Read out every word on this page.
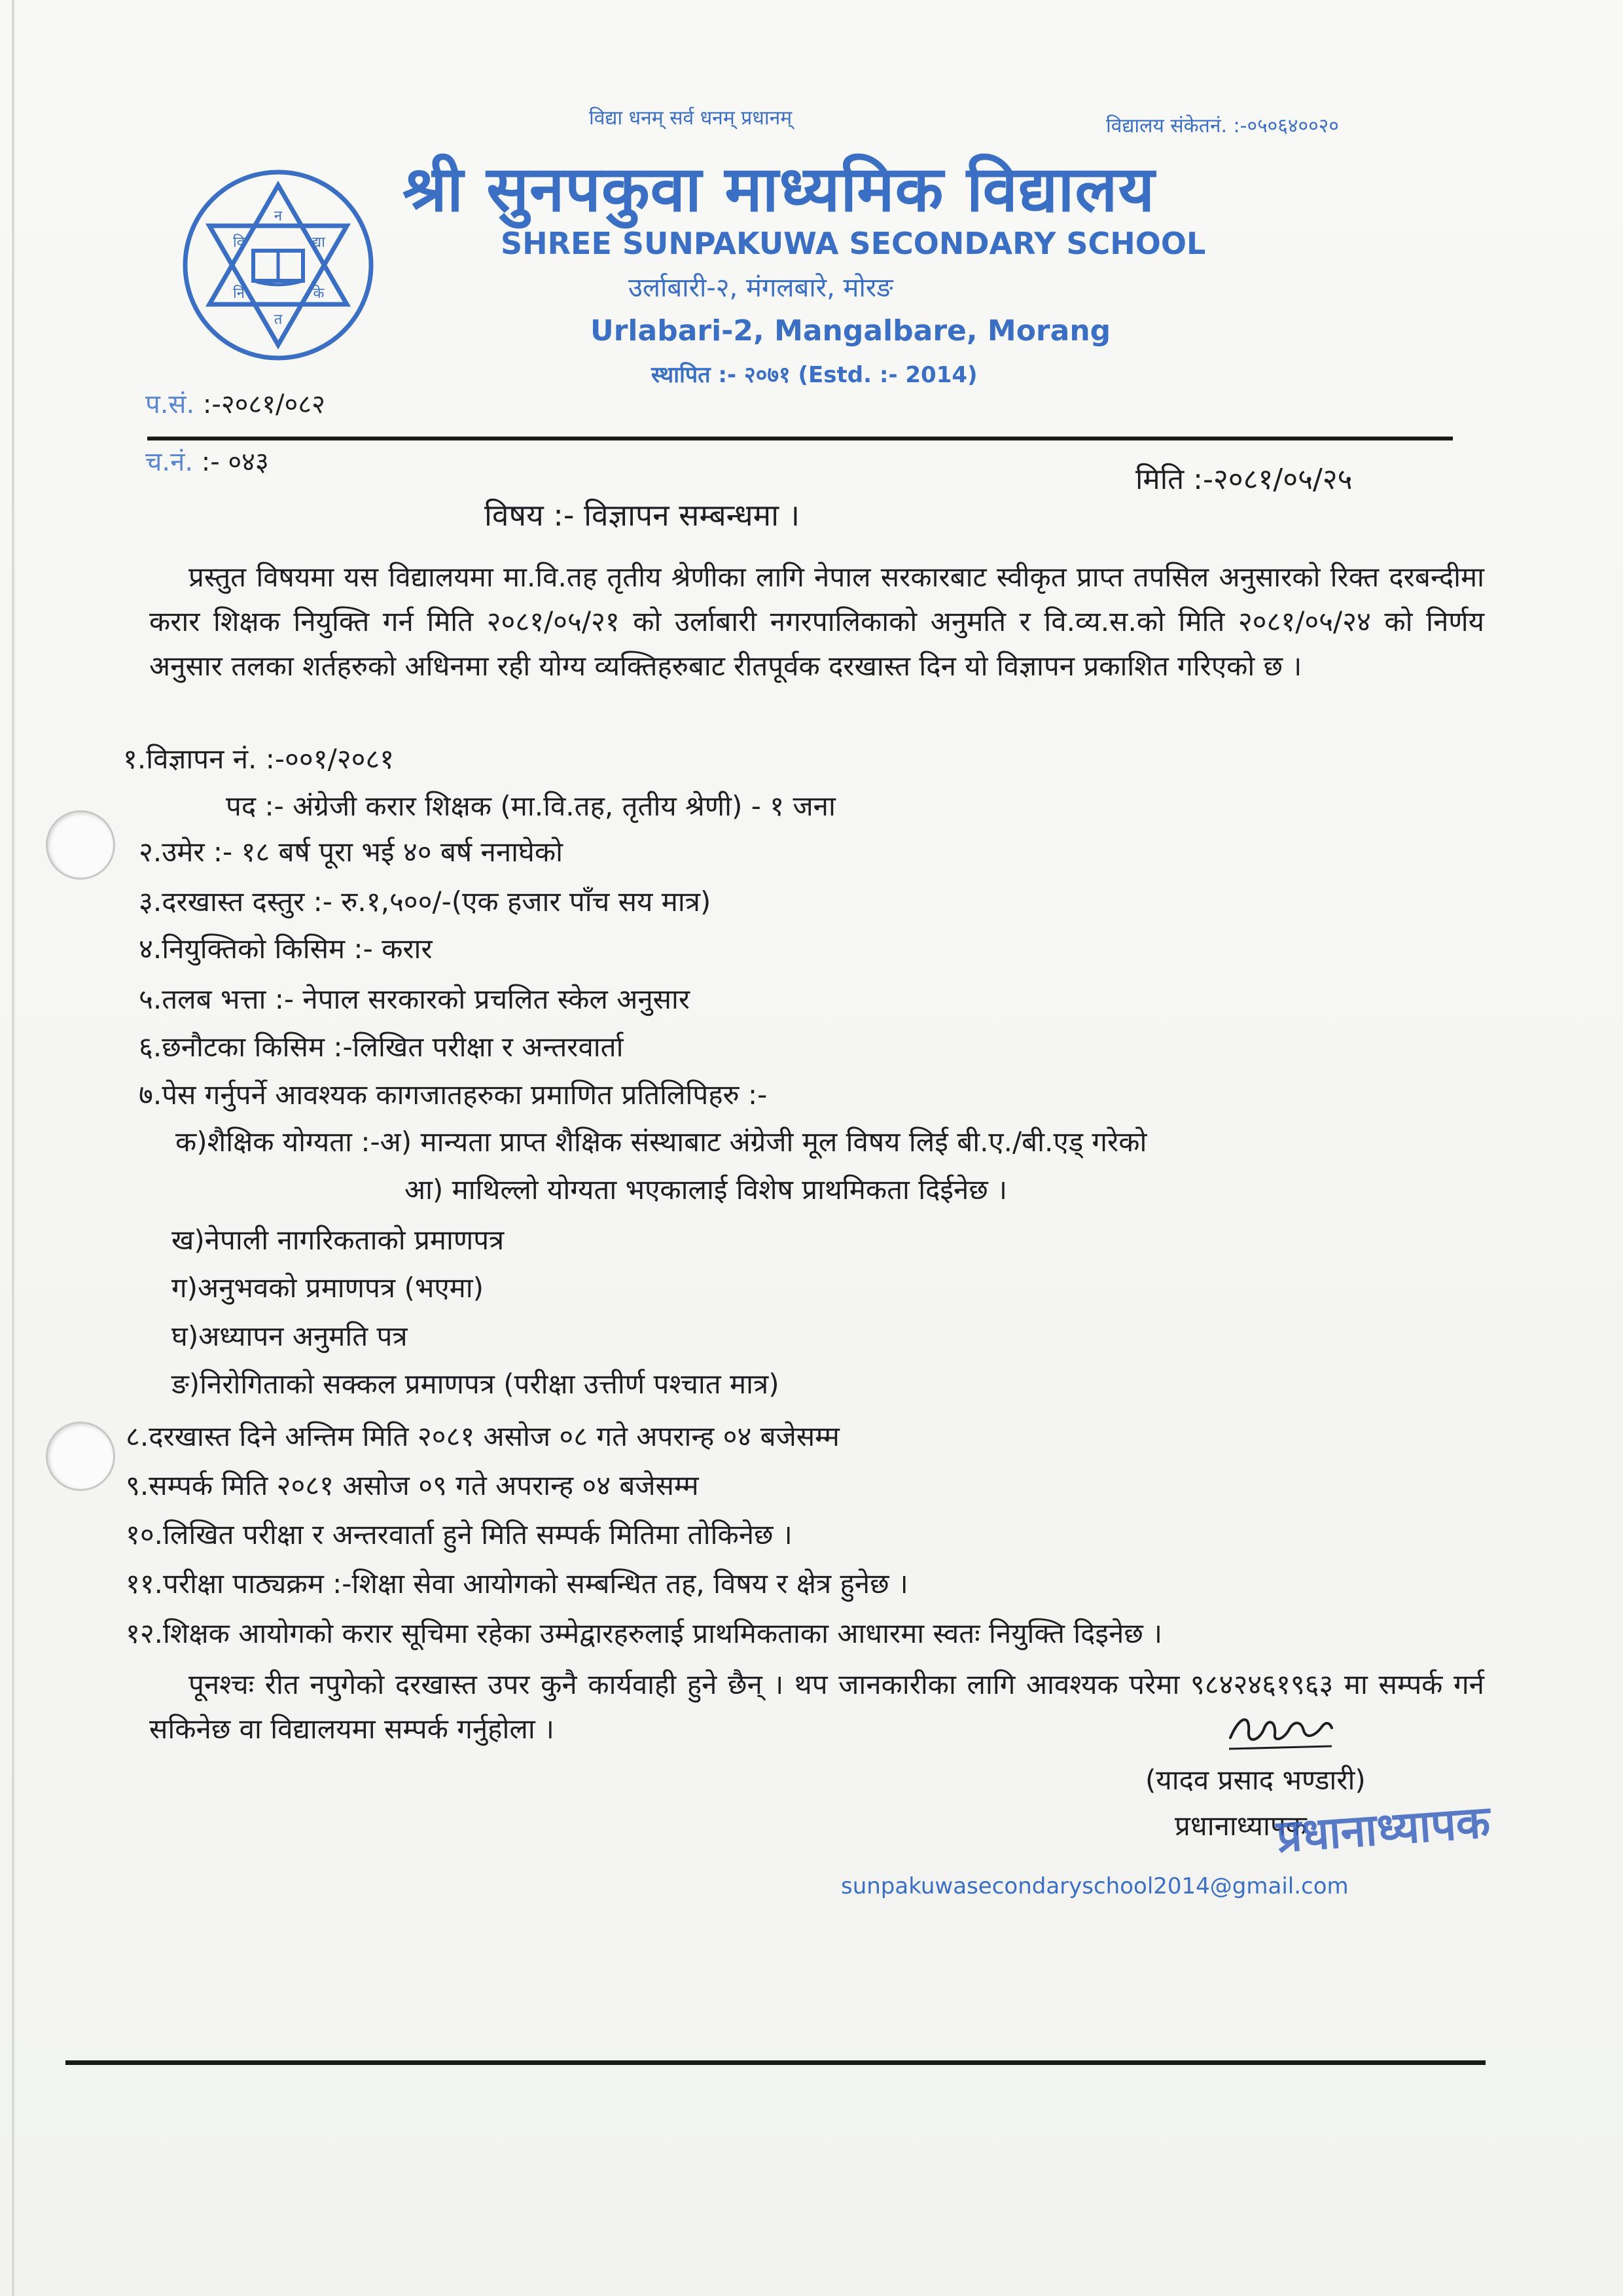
विद्या धनम् सर्व धनम् प्रधानम्	विद्यालय संकेतनं. :-०५०६४००२०
श्री सुनपकुवा माध्यमिक विद्यालय
SHREE SUNPAKUWA SECONDARY SCHOOL
उर्लाबारी-२, मंगलबारे, मोरङ
Urlabari-2, Mangalbare, Morang
स्थापित :- २०७१ (Estd. :- 2014)
न
वि	द्या
नि	के
त
प.सं. :-२०८१/०८२
च.नं. :- ०४३
मिति :-२०८१/०५/२५
विषय :- विज्ञापन सम्बन्धमा ।
प्रस्तुत विषयमा यस विद्यालयमा मा.वि.तह तृतीय श्रेणीका लागि नेपाल सरकारबाट स्वीकृत प्राप्त तपसिल अनुसारको रिक्त दरबन्दीमा करार शिक्षक नियुक्ति गर्न मिति २०८१/०५/२१ को उर्लाबारी नगरपालिकाको अनुमति र वि.व्य.स.को मिति २०८१/०५/२४ को निर्णय अनुसार तलका शर्तहरुको अधिनमा रही योग्य व्यक्तिहरुबाट रीतपूर्वक दरखास्त दिन यो विज्ञापन प्रकाशित गरिएको छ ।
१.विज्ञापन नं. :-००१/२०८१
पद :- अंग्रेजी करार शिक्षक (मा.वि.तह, तृतीय श्रेणी) - १ जना
२.उमेर :- १८ बर्ष पूरा भई ४० बर्ष ननाघेको
३.दरखास्त दस्तुर :- रु.१,५००/-(एक हजार पाँच सय मात्र)
४.नियुक्तिको किसिम :- करार
५.तलब भत्ता :- नेपाल सरकारको प्रचलित स्केल अनुसार
६.छनौटका किसिम :-लिखित परीक्षा र अन्तरवार्ता
७.पेस गर्नुपर्ने आवश्यक कागजातहरुका प्रमाणित प्रतिलिपिहरु :-
क)शैक्षिक योग्यता :-अ) मान्यता प्राप्त शैक्षिक संस्थाबाट अंग्रेजी मूल विषय लिई बी.ए./बी.एड् गरेको
आ) माथिल्लो योग्यता भएकालाई विशेष प्राथमिकता दिईनेछ ।
ख)नेपाली नागरिकताको प्रमाणपत्र
ग)अनुभवको प्रमाणपत्र (भएमा)
घ)अध्यापन अनुमति पत्र
ङ)निरोगिताको सक्कल प्रमाणपत्र (परीक्षा उत्तीर्ण पश्चात मात्र)
८.दरखास्त दिने अन्तिम मिति २०८१ असोज ०८ गते अपरान्ह ०४ बजेसम्म
९.सम्पर्क मिति २०८१ असोज ०९ गते अपरान्ह ०४ बजेसम्म
१०.लिखित परीक्षा र अन्तरवार्ता हुने मिति सम्पर्क मितिमा तोकिनेछ ।
११.परीक्षा पाठ्यक्रम :-शिक्षा सेवा आयोगको सम्बन्धित तह, विषय र क्षेत्र हुनेछ ।
१२.शिक्षक आयोगको करार सूचिमा रहेका उम्मेद्वारहरुलाई प्राथमिकताका आधारमा स्वतः नियुक्ति दिइनेछ ।
पूनश्चः रीत नपुगेको दरखास्त उपर कुनै कार्यवाही हुने छैन् । थप जानकारीका लागि आवश्यक परेमा ९८४२४६१९६३ मा सम्पर्क गर्न सकिनेछ वा विद्यालयमा सम्पर्क गर्नुहोला ।
(यादव प्रसाद भण्डारी)
प्रधानाध्यापक
प्रधानाध्यापक
sunpakuwasecondaryschool2014@gmail.com
